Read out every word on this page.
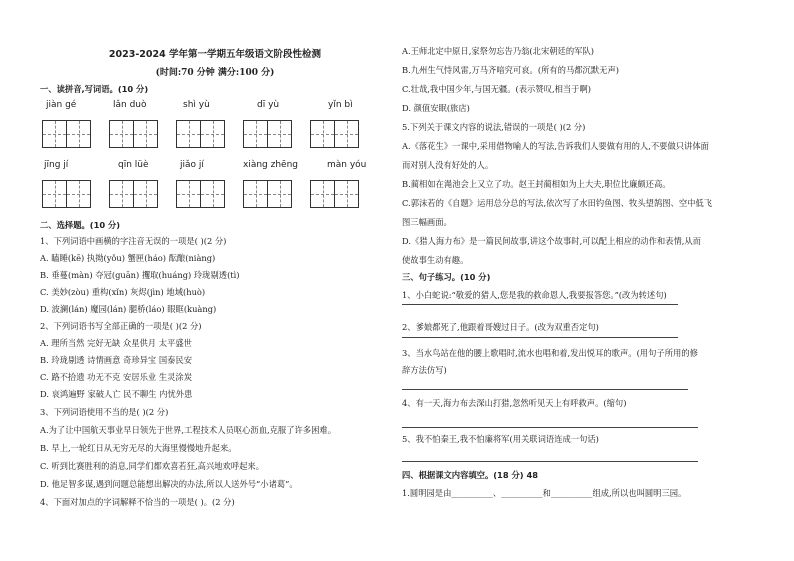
2023-2024 学年第一学期五年级语文阶段性检测
(时间:70 分钟 满分:100 分)
一、读拼音,写词语。(10 分)
jiàn gé	lǎn duò	shì yù	dī yù	yǐn bì
jīng jí	qīn lüè	jiǎo jí	xiàng zhēng	màn yóu
二、选择题。(10 分)
1、下列词语中画横的字注音无误的一项是( )(2 分)
A. 瞌睡(kē) 执拗(yǒu) 蟹匣(háo) 酝酿(niàng)
B. 垂蔓(màn) 夺冠(guān) 攫取(huáng) 玲珑剔透(tì)
C. 美妙(zòu) 重构(xǐn) 灰烬(jìn) 地域(huò)
D. 波澜(lán) 魔园(lán) 腿桥(láo) 眼眶(kuàng)
2、下列词语书写全部正确的一项是( )(2 分)
A. 理所当然 完好无缺 众星供月 太平盛世
B. 玲珑剔透 诗情画意 奇珍异宝 国泰民安
C. 路不拾遗 功无不克 安居乐业 生灵涂炭
D. 哀鸿遍野 家破人亡 民不聊生 内忧外患
3、下列词语使用不当的是( )(2 分)
A.为了让中国航天事业早日领先于世界,工程技术人员呕心沥血,克服了许多困难。
B. 早上,一轮红日从无穷无尽的大海里慢慢地升起来。
C. 听到比赛胜利的消息,同学们都欢喜若狂,高兴地欢呼起来。
D. 他足智多谋,遇到问题总能想出解决的办法,所以人送外号“小诸葛”。
4、下面对加点的字词解释不恰当的一项是( )。(2 分)
A.王师北定中原日,家祭勿忘告乃翁(北宋朝廷的军队)
B.九州生气恃风雷,万马齐喑究可哀。(所有的马都沉默无声)
C.壮哉,我中国少年,与国无疆。(表示赞叹,相当于啊)
D. 颜值安眠(旅店)
5.下列关于课文内容的说法,错误的一项是( )(2 分)
A.《落花生》一课中,采用借物喻人的写法,告诉我们人要做有用的人,不要做只讲体面
而对别人没有好处的人。
B.蔺相如在渑池会上又立了功。赵王封蔺相如为上大夫,职位比廉颇还高。
C.郭沫若的《自题》运用总分总的写法,依次写了水田钓鱼图、牧头望鹄图、空中低飞
图三幅画面。
D.《猎人海力布》是一篇民间故事,讲这个故事时,可以配上相应的动作和表情,从而
使故事生动有趣。
三、句子练习。(10 分)
1、小白蛇说:“敬爱的猎人,您是我的救命恩人,我要报答您。”(改为转述句)
2、爹娘都死了,他跟着哥嫂过日子。(改为双重否定句)
3、当水鸟站在他的腰上歌唱时,流水也唱和着,发出悦耳的歌声。(用句子所用的修
辞方法仿写)
4、有一天,海力布去深山打猎,忽然听见天上有呼救声。(缩句)
5、我不怕秦王,我不怕廉将军(用关联词语连成一句话)
四、根据课文内容填空。(18 分) 48
1.圆明园是由__________、__________和__________组成,所以也叫圆明三园。
